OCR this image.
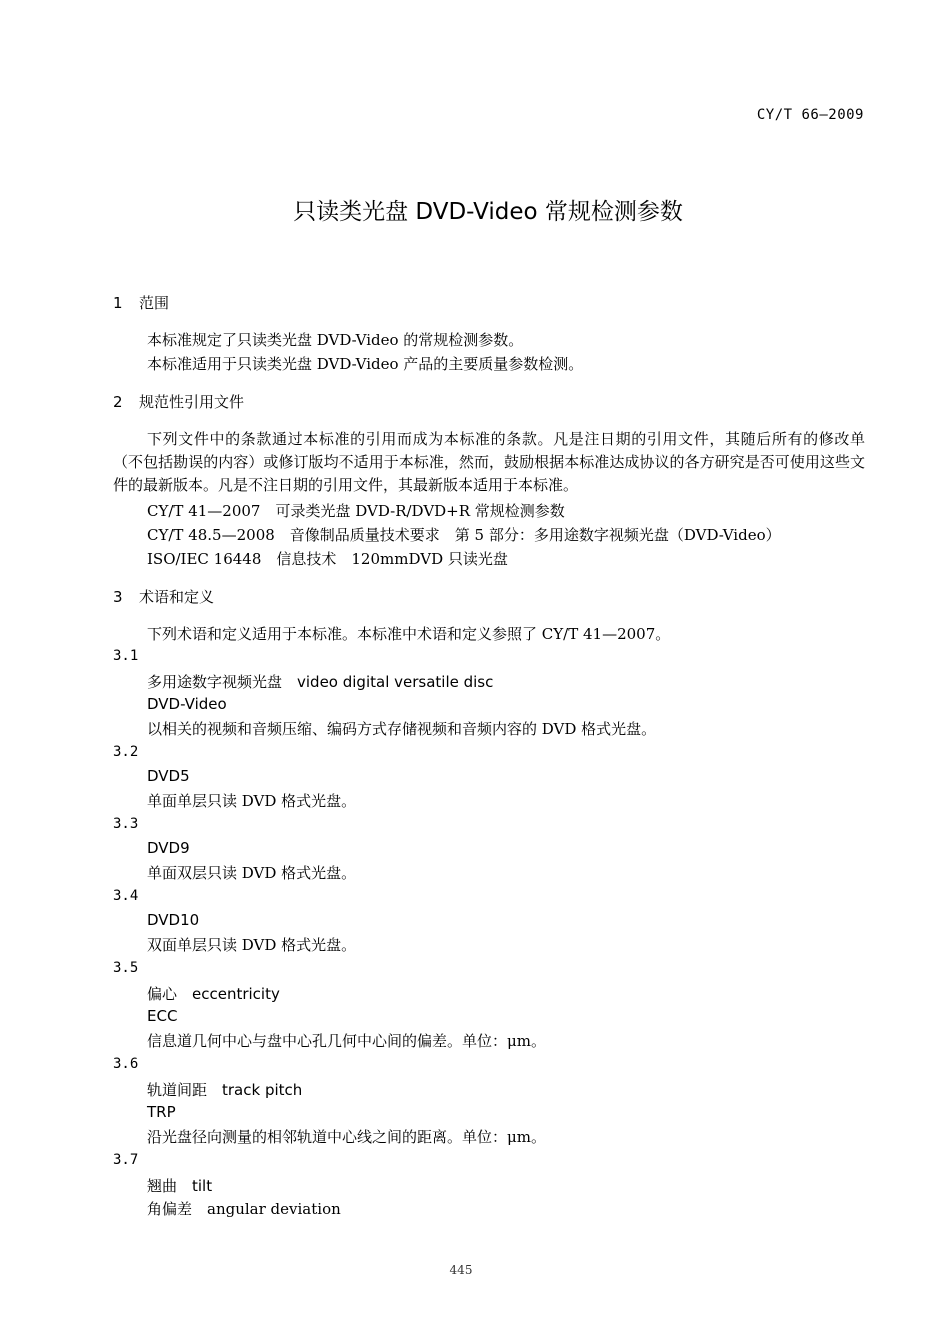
CY/T 66—2009
只读类光盘 DVD-Video 常规检测参数
1 范围
本标准规定了只读类光盘 DVD-Video 的常规检测参数。
本标准适用于只读类光盘 DVD-Video 产品的主要质量参数检测。
2 规范性引用文件
下列文件中的条款通过本标准的引用而成为本标准的条款。凡是注日期的引用文件，其随后所有的修改单（不包括勘误的内容）或修订版均不适用于本标准，然而，鼓励根据本标准达成协议的各方研究是否可使用这些文件的最新版本。凡是不注日期的引用文件，其最新版本适用于本标准。
CY/T 41—2007　可录类光盘 DVD-R/DVD+R 常规检测参数
CY/T 48.5—2008　音像制品质量技术要求　第 5 部分：多用途数字视频光盘（DVD-Video）
ISO/IEC 16448　信息技术　120mmDVD 只读光盘
3 术语和定义
下列术语和定义适用于本标准。本标准中术语和定义参照了 CY/T 41—2007。
3.1
多用途数字视频光盘　video digital versatile disc
DVD-Video
以相关的视频和音频压缩、编码方式存储视频和音频内容的 DVD 格式光盘。
3.2
DVD5
单面单层只读 DVD 格式光盘。
3.3
DVD9
单面双层只读 DVD 格式光盘。
3.4
DVD10
双面单层只读 DVD 格式光盘。
3.5
偏心　eccentricity
ECC
信息道几何中心与盘中心孔几何中心间的偏差。单位：μm。
3.6
轨道间距　track pitch
TRP
沿光盘径向测量的相邻轨道中心线之间的距离。单位：μm。
3.7
翘曲　tilt
角偏差　angular deviation
445
